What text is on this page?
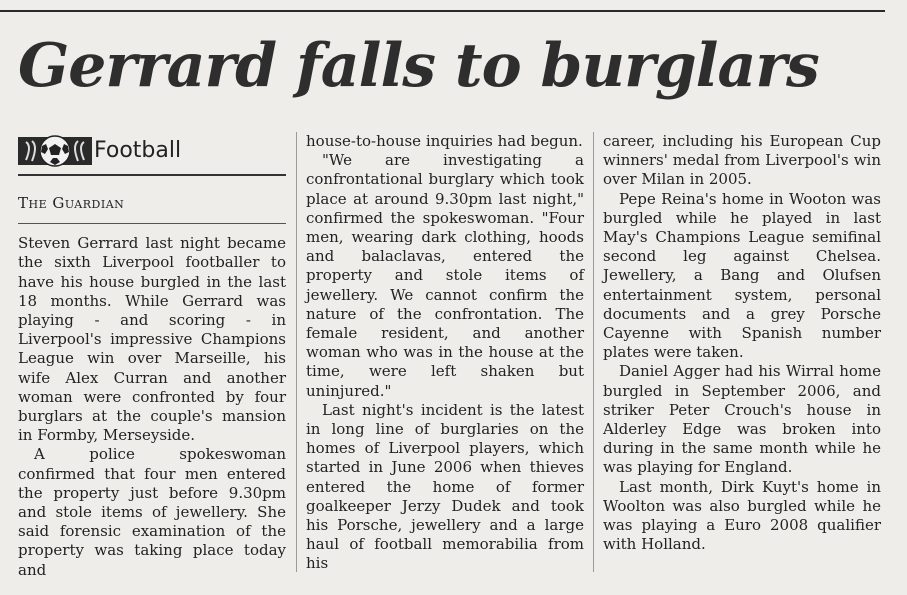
Gerrard falls to burglars
Football
The Guardian

Steven Gerrard last night became the sixth Liverpool footballer to have his house burgled in the last 18 months. While Gerrard was playing - and scoring - in Liverpool's impressive Champions League win over Marseille, his wife Alex Curran and another woman were confronted by four burglars at the couple's mansion in Formby, Merseyside.

A police spokeswoman confirmed that four men entered the property just before 9.30pm and stole items of jewellery. She said forensic examination of the property was taking place today and

house-to-house inquiries had begun.

"We are investigating a confrontational burglary which took place at around 9.30pm last night," confirmed the spokeswoman. "Four men, wearing dark clothing, hoods and balaclavas, entered the property and stole items of jewellery. We cannot confirm the nature of the confrontation. The female resident, and another woman who was in the house at the time, were left shaken but uninjured."

Last night's incident is the latest in long line of burglaries on the homes of Liverpool players, which started in June 2006 when thieves entered the home of former goalkeeper Jerzy Dudek and took his Porsche, jewellery and a large haul of football memorabilia from his

career, including his European Cup winners' medal from Liverpool's win over Milan in 2005.

Pepe Reina's home in Wooton was burgled while he played in last May's Champions League semifinal second leg against Chelsea. Jewellery, a Bang and Olufsen entertainment system, personal documents and a grey Porsche Cayenne with Spanish number plates were taken.

Daniel Agger had his Wirral home burgled in September 2006, and striker Peter Crouch's house in Alderley Edge was broken into during in the same month while he was playing for England.

Last month, Dirk Kuyt's home in Woolton was also burgled while he was playing a Euro 2008 qualifier with Holland.
